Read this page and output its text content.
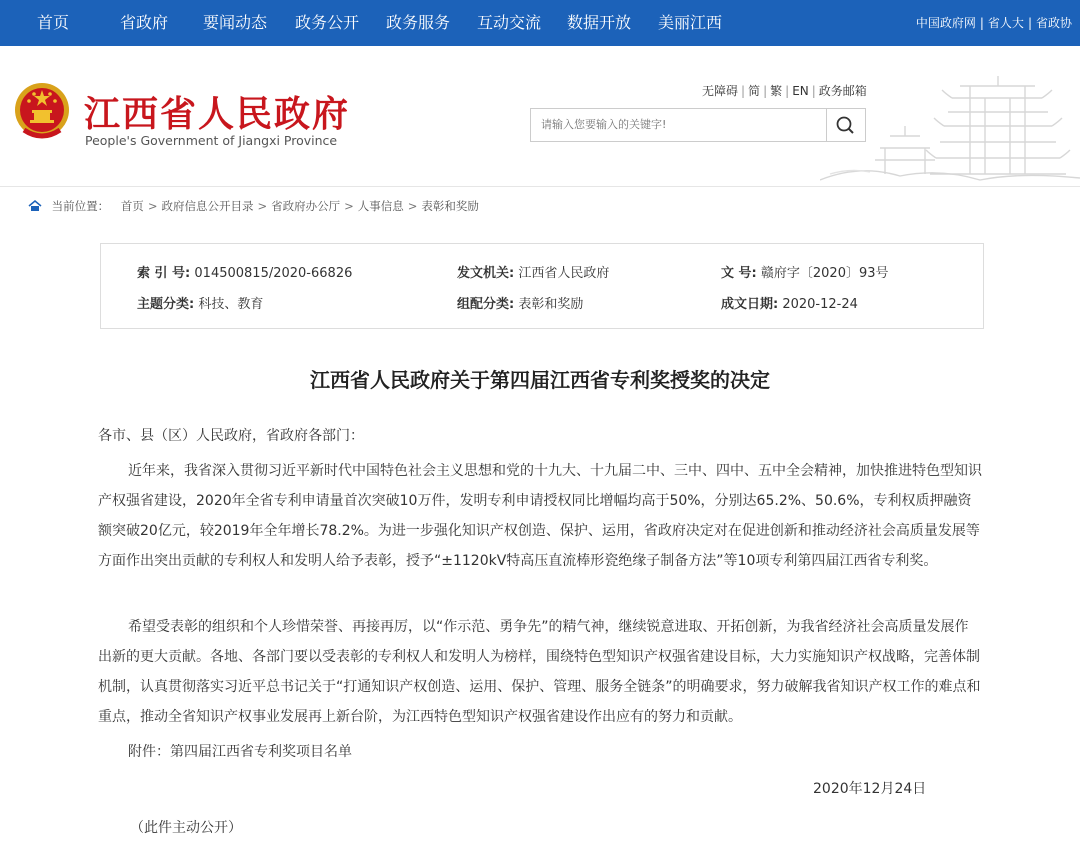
首页	省政府 要闻动态 政务公开 政务服务 互动交流 数据开放 美丽江西	中国政府网 | 省人大 | 省政协
江西省人民政府
People's Government of Jiangxi Province
无障碍 | 简 | 繁 | EN | 政务邮箱
请输入您要输入的关键字!
当前位置： 首页 > 政府信息公开目录 > 省政府办公厅 > 人事信息 > 表彰和奖励
索 引 号: 014500815/2020-66826	发文机关: 江西省人民政府	文 号: 赣府字〔2020〕93号
主题分类: 科技、教育	组配分类: 表彰和奖励	成文日期: 2020-12-24
江西省人民政府关于第四届江西省专利奖授奖的决定
各市、县（区）人民政府，省政府各部门：
近年来，我省深入贯彻习近平新时代中国特色社会主义思想和党的十九大、十九届二中、三中、四中、五中全会精神，加快推进特色型知识产权强省建设，2020年全省专利申请量首次突破10万件，发明专利申请授权同比增幅均高于50%，分别达65.2%、50.6%，专利权质押融资额突破20亿元，较2019年全年增长78.2%。为进一步强化知识产权创造、保护、运用，省政府决定对在促进创新和推动经济社会高质量发展等方面作出突出贡献的专利权人和发明人给予表彰，授予“±1120kV特高压直流棒形瓷绝缘子制备方法”等10项专利第四届江西省专利奖。
希望受表彰的组织和个人珍惜荣誉、再接再厉，以“作示范、勇争先”的精气神，继续锐意进取、开拓创新，为我省经济社会高质量发展作出新的更大贡献。各地、各部门要以受表彰的专利权人和发明人为榜样，围绕特色型知识产权强省建设目标，大力实施知识产权战略，完善体制机制，认真贯彻落实习近平总书记关于“打通知识产权创造、运用、保护、管理、服务全链条”的明确要求，努力破解我省知识产权工作的难点和重点，推动全省知识产权事业发展再上新台阶，为江西特色型知识产权强省建设作出应有的努力和贡献。
附件：第四届江西省专利奖项目名单
2020年12月24日
（此件主动公开）
